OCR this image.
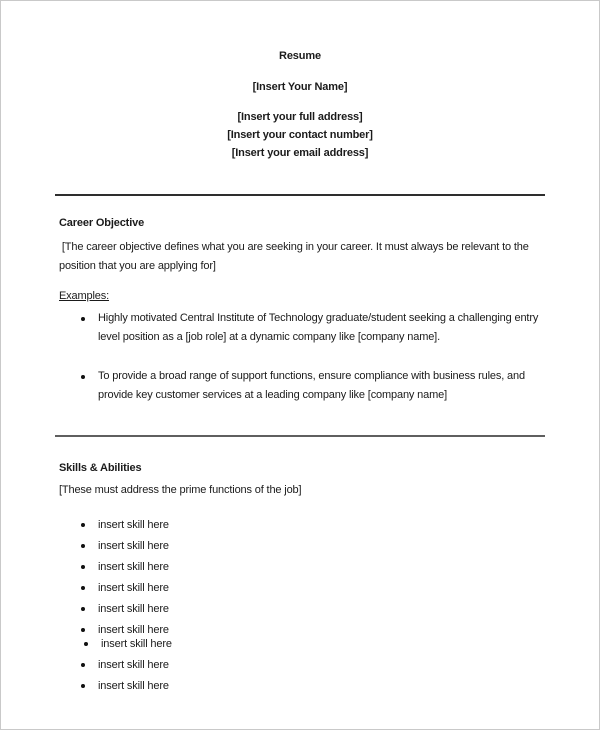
Resume
[Insert Your Name]
[Insert your full address]
[Insert your contact number]
[Insert your email address]
Career Objective
[The career objective defines what you are seeking in your career. It must always be relevant to the position that you are applying for]
Examples:
Highly motivated Central Institute of Technology graduate/student seeking a challenging entry level position as a [job role] at a dynamic company like [company name].
To provide a broad range of support functions, ensure compliance with business rules, and provide key customer services at a leading company like [company name]
Skills & Abilities
[These must address the prime functions of the job]
insert skill here
insert skill here
insert skill here
insert skill here
insert skill here
insert skill here
insert skill here
insert skill here
insert skill here
